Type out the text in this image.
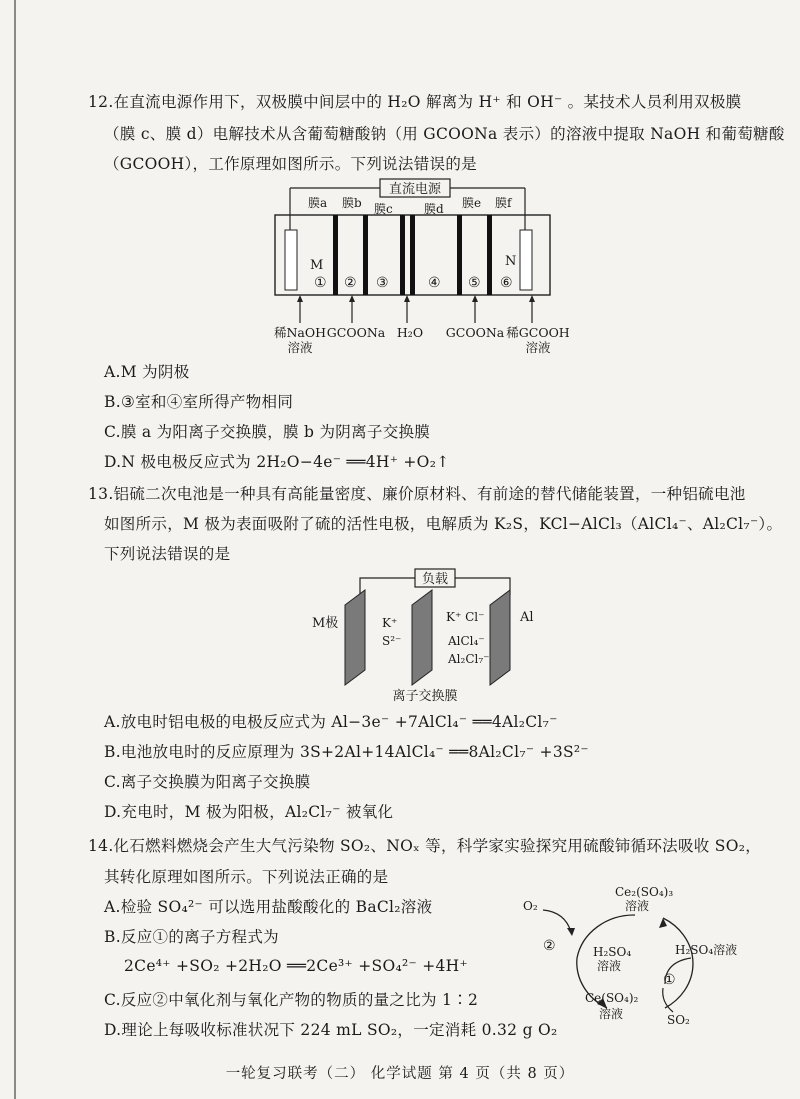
12.在直流电源作用下，双极膜中间层中的 H₂O 解离为 H⁺ 和 OH⁻ 。某技术人员利用双极膜
（膜 c、膜 d）电解技术从含葡萄糖酸钠（用 GCOONa 表示）的溶液中提取 NaOH 和葡萄糖酸
（GCOOH），工作原理如图所示。下列说法错误的是
直流电源
M	N
膜a 膜b 膜c	膜d 膜e 膜f
① ② ③	④ ⑤ ⑥
稀NaOH
溶液
GCOONa H₂O GCOONa 稀GCOOH
溶液
A.M 为阴极
B.③室和④室所得产物相同
C.膜 a 为阳离子交换膜，膜 b 为阴离子交换膜
D.N 极电极反应式为 2H₂O−4e⁻ ══4H⁺ +O₂↑
13.铝硫二次电池是一种具有高能量密度、廉价原材料、有前途的替代储能装置，一种铝硫电池
如图所示，M 极为表面吸附了硫的活性电极，电解质为 K₂S，KCl−AlCl₃（AlCl₄⁻、Al₂Cl₇⁻）。
下列说法错误的是
负载
M极	Al
K⁺
S²⁻
K⁺ Cl⁻
AlCl₄⁻
Al₂Cl₇⁻
离子交换膜
A.放电时铝电极的电极反应式为 Al−3e⁻ +7AlCl₄⁻ ══4Al₂Cl₇⁻
B.电池放电时的反应原理为 3S+2Al+14AlCl₄⁻ ══8Al₂Cl₇⁻ +3S²⁻
C.离子交换膜为阳离子交换膜
D.充电时，M 极为阳极，Al₂Cl₇⁻ 被氧化
14.化石燃料燃烧会产生大气污染物 SO₂、NOₓ 等，科学家实验探究用硫酸铈循环法吸收 SO₂，
其转化原理如图所示。下列说法正确的是
A.检验 SO₄²⁻ 可以选用盐酸酸化的 BaCl₂溶液
B.反应①的离子方程式为
2Ce⁴⁺ +SO₂ +2H₂O ══2Ce³⁺ +SO₄²⁻ +4H⁺
C.反应②中氧化剂与氧化产物的物质的量之比为 1∶2
D.理论上每吸收标准状况下 224 mL SO₂，一定消耗 0.32 g O₂
O₂
Ce₂(SO₄)₃
溶液
H₂SO₄
溶液
Ce(SO₄)₂
溶液
H₂SO₄溶液
SO₂
①
②
一轮复习联考（二） 化学试题 第 4 页（共 8 页）
